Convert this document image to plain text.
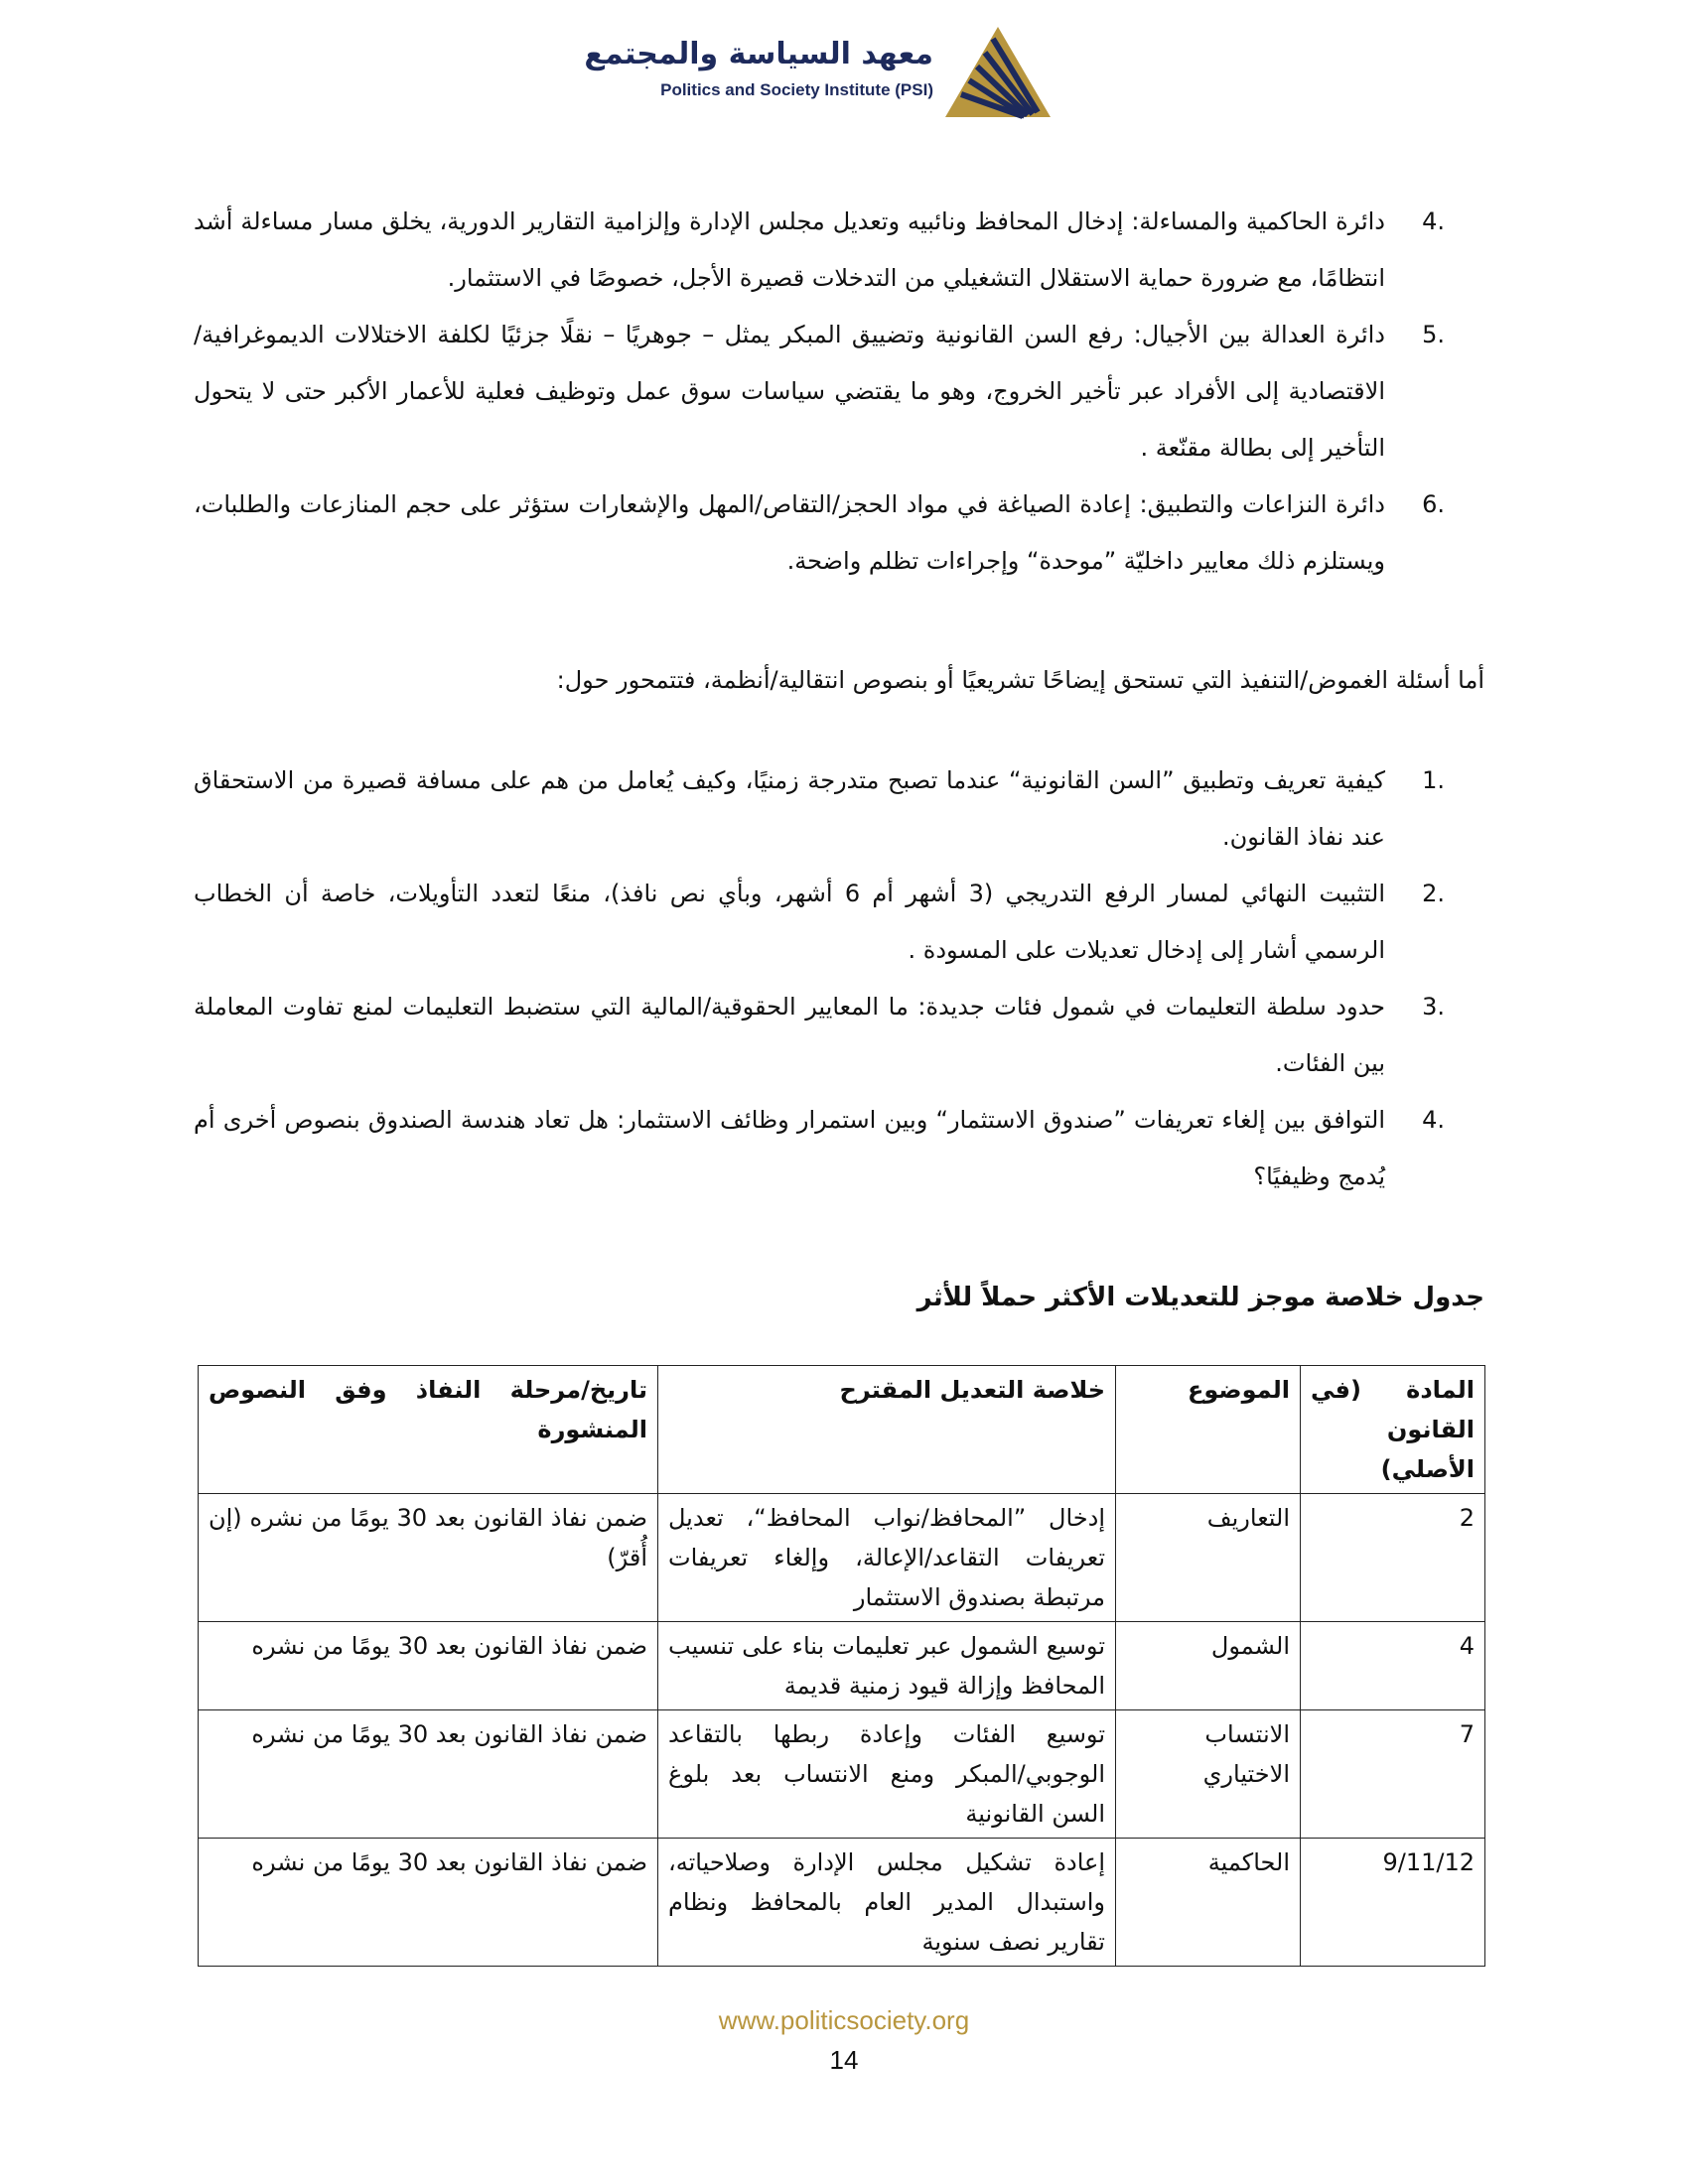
معهد السياسة والمجتمع
Politics and Society Institute (PSI)
4.
دائرة الحاكمية والمساءلة: إدخال المحافظ ونائبيه وتعديل مجلس الإدارة وإلزامية التقارير الدورية، يخلق مسار مساءلة أشد انتظامًا، مع ضرورة حماية الاستقلال التشغيلي من التدخلات قصيرة الأجل، خصوصًا في الاستثمار.
5.
دائرة العدالة بين الأجيال: رفع السن القانونية وتضييق المبكر يمثل – جوهريًا – نقلًا جزئيًا لكلفة الاختلالات الديموغرافية/الاقتصادية إلى الأفراد عبر تأخير الخروج، وهو ما يقتضي سياسات سوق عمل وتوظيف فعلية للأعمار الأكبر حتى لا يتحول التأخير إلى بطالة مقنّعة .
6.
دائرة النزاعات والتطبيق: إعادة الصياغة في مواد الحجز/التقاص/المهل والإشعارات ستؤثر على حجم المنازعات والطلبات، ويستلزم ذلك معايير داخليّة ”موحدة“ وإجراءات تظلم واضحة.
أما أسئلة الغموض/التنفيذ التي تستحق إيضاحًا تشريعيًا أو بنصوص انتقالية/أنظمة، فتتمحور حول:
1.
كيفية تعريف وتطبيق ”السن القانونية“ عندما تصبح متدرجة زمنيًا، وكيف يُعامل من هم على مسافة قصيرة من الاستحقاق عند نفاذ القانون.
2.
التثبيت النهائي لمسار الرفع التدريجي (3 أشهر أم 6 أشهر، وبأي نص نافذ)، منعًا لتعدد التأويلات، خاصة أن الخطاب الرسمي أشار إلى إدخال تعديلات على المسودة .
3.
حدود سلطة التعليمات في شمول فئات جديدة: ما المعايير الحقوقية/المالية التي ستضبط التعليمات لمنع تفاوت المعاملة بين الفئات.
4.
التوافق بين إلغاء تعريفات ”صندوق الاستثمار“ وبين استمرار وظائف الاستثمار: هل تعاد هندسة الصندوق بنصوص أخرى أم يُدمج وظيفيًا؟
جدول خلاصة موجز للتعديلات الأكثر حملاً للأثر
المادة (في القانون الأصلي)	الموضوع	خلاصة التعديل المقترح	تاريخ/مرحلة النفاذ وفق النصوص المنشورة
2	التعاريف	إدخال ”المحافظ/نواب المحافظ“، تعديل تعريفات التقاعد/الإعالة، وإلغاء تعريفات مرتبطة بصندوق الاستثمار	ضمن نفاذ القانون بعد 30 يومًا من نشره (إن أُقرّ)
4	الشمول	توسيع الشمول عبر تعليمات بناء على تنسيب المحافظ وإزالة قيود زمنية قديمة	ضمن نفاذ القانون بعد 30 يومًا من نشره
7	الانتساب الاختياري	توسيع الفئات وإعادة ربطها بالتقاعد الوجوبي/المبكر ومنع الانتساب بعد بلوغ السن القانونية	ضمن نفاذ القانون بعد 30 يومًا من نشره
9/11/12	الحاكمية	إعادة تشكيل مجلس الإدارة وصلاحياته، واستبدال المدير العام بالمحافظ ونظام تقارير نصف سنوية	ضمن نفاذ القانون بعد 30 يومًا من نشره
www.politicsociety.org
14
